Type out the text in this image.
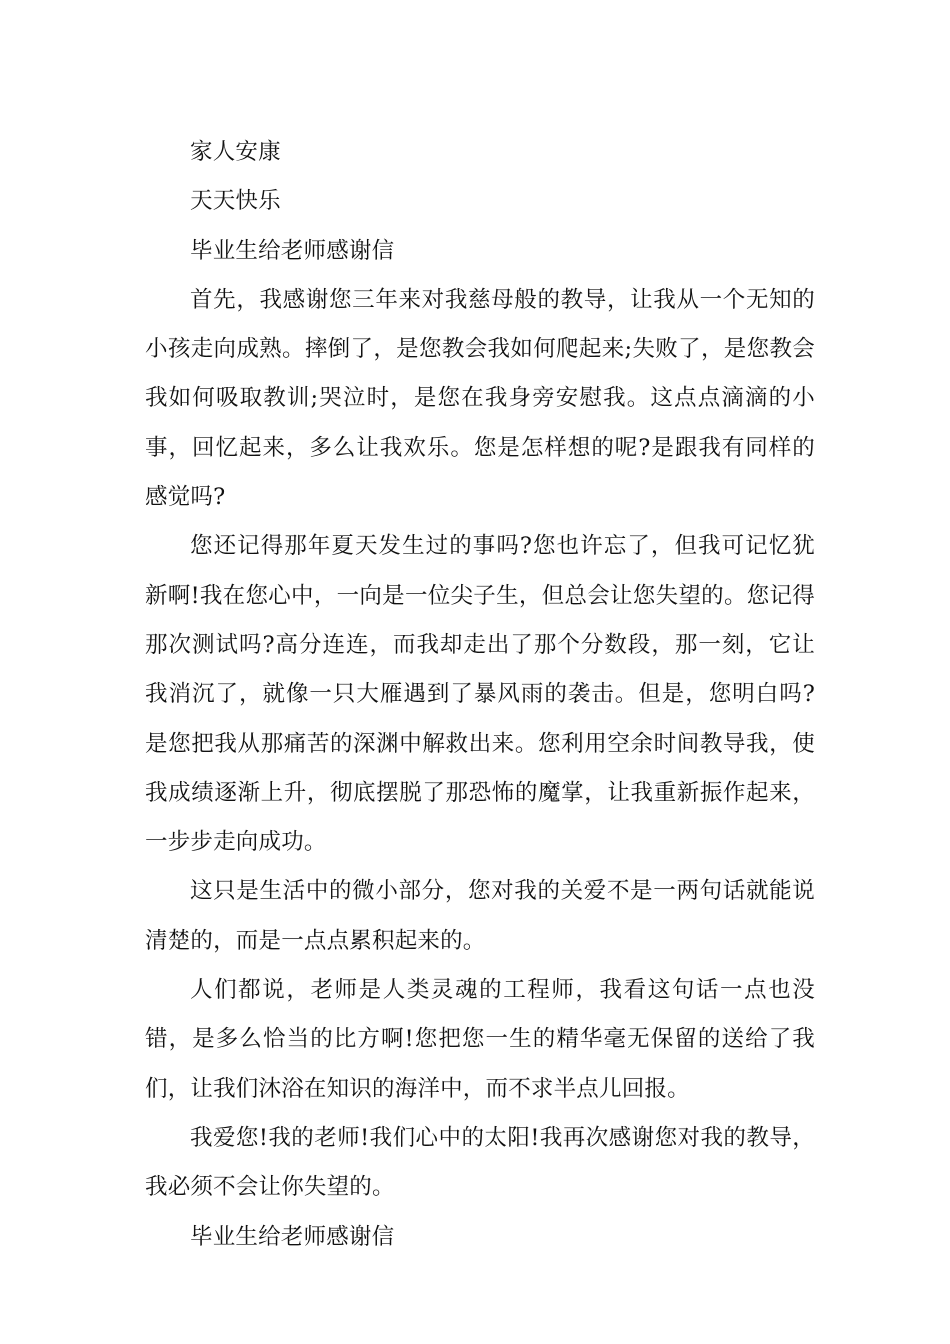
家人安康

天天快乐

毕业生给老师感谢信

首先，我感谢您三年来对我慈母般的教导，让我从一个无知的小孩走向成熟。摔倒了，是您教会我如何爬起来;失败了，是您教会我如何吸取教训;哭泣时，是您在我身旁安慰我。这点点滴滴的小事，回忆起来，多么让我欢乐。您是怎样想的呢?是跟我有同样的感觉吗?

您还记得那年夏天发生过的事吗?您也许忘了，但我可记忆犹新啊!我在您心中，一向是一位尖子生，但总会让您失望的。您记得那次测试吗?高分连连，而我却走出了那个分数段，那一刻，它让我消沉了，就像一只大雁遇到了暴风雨的袭击。但是，您明白吗?是您把我从那痛苦的深渊中解救出来。您利用空余时间教导我，使我成绩逐渐上升，彻底摆脱了那恐怖的魔掌，让我重新振作起来，一步步走向成功。

这只是生活中的微小部分，您对我的关爱不是一两句话就能说清楚的，而是一点点累积起来的。

人们都说，老师是人类灵魂的工程师，我看这句话一点也没错，是多么恰当的比方啊!您把您一生的精华毫无保留的送给了我们，让我们沐浴在知识的海洋中，而不求半点儿回报。

我爱您!我的老师!我们心中的太阳!我再次感谢您对我的教导，我必须不会让你失望的。

毕业生给老师感谢信
